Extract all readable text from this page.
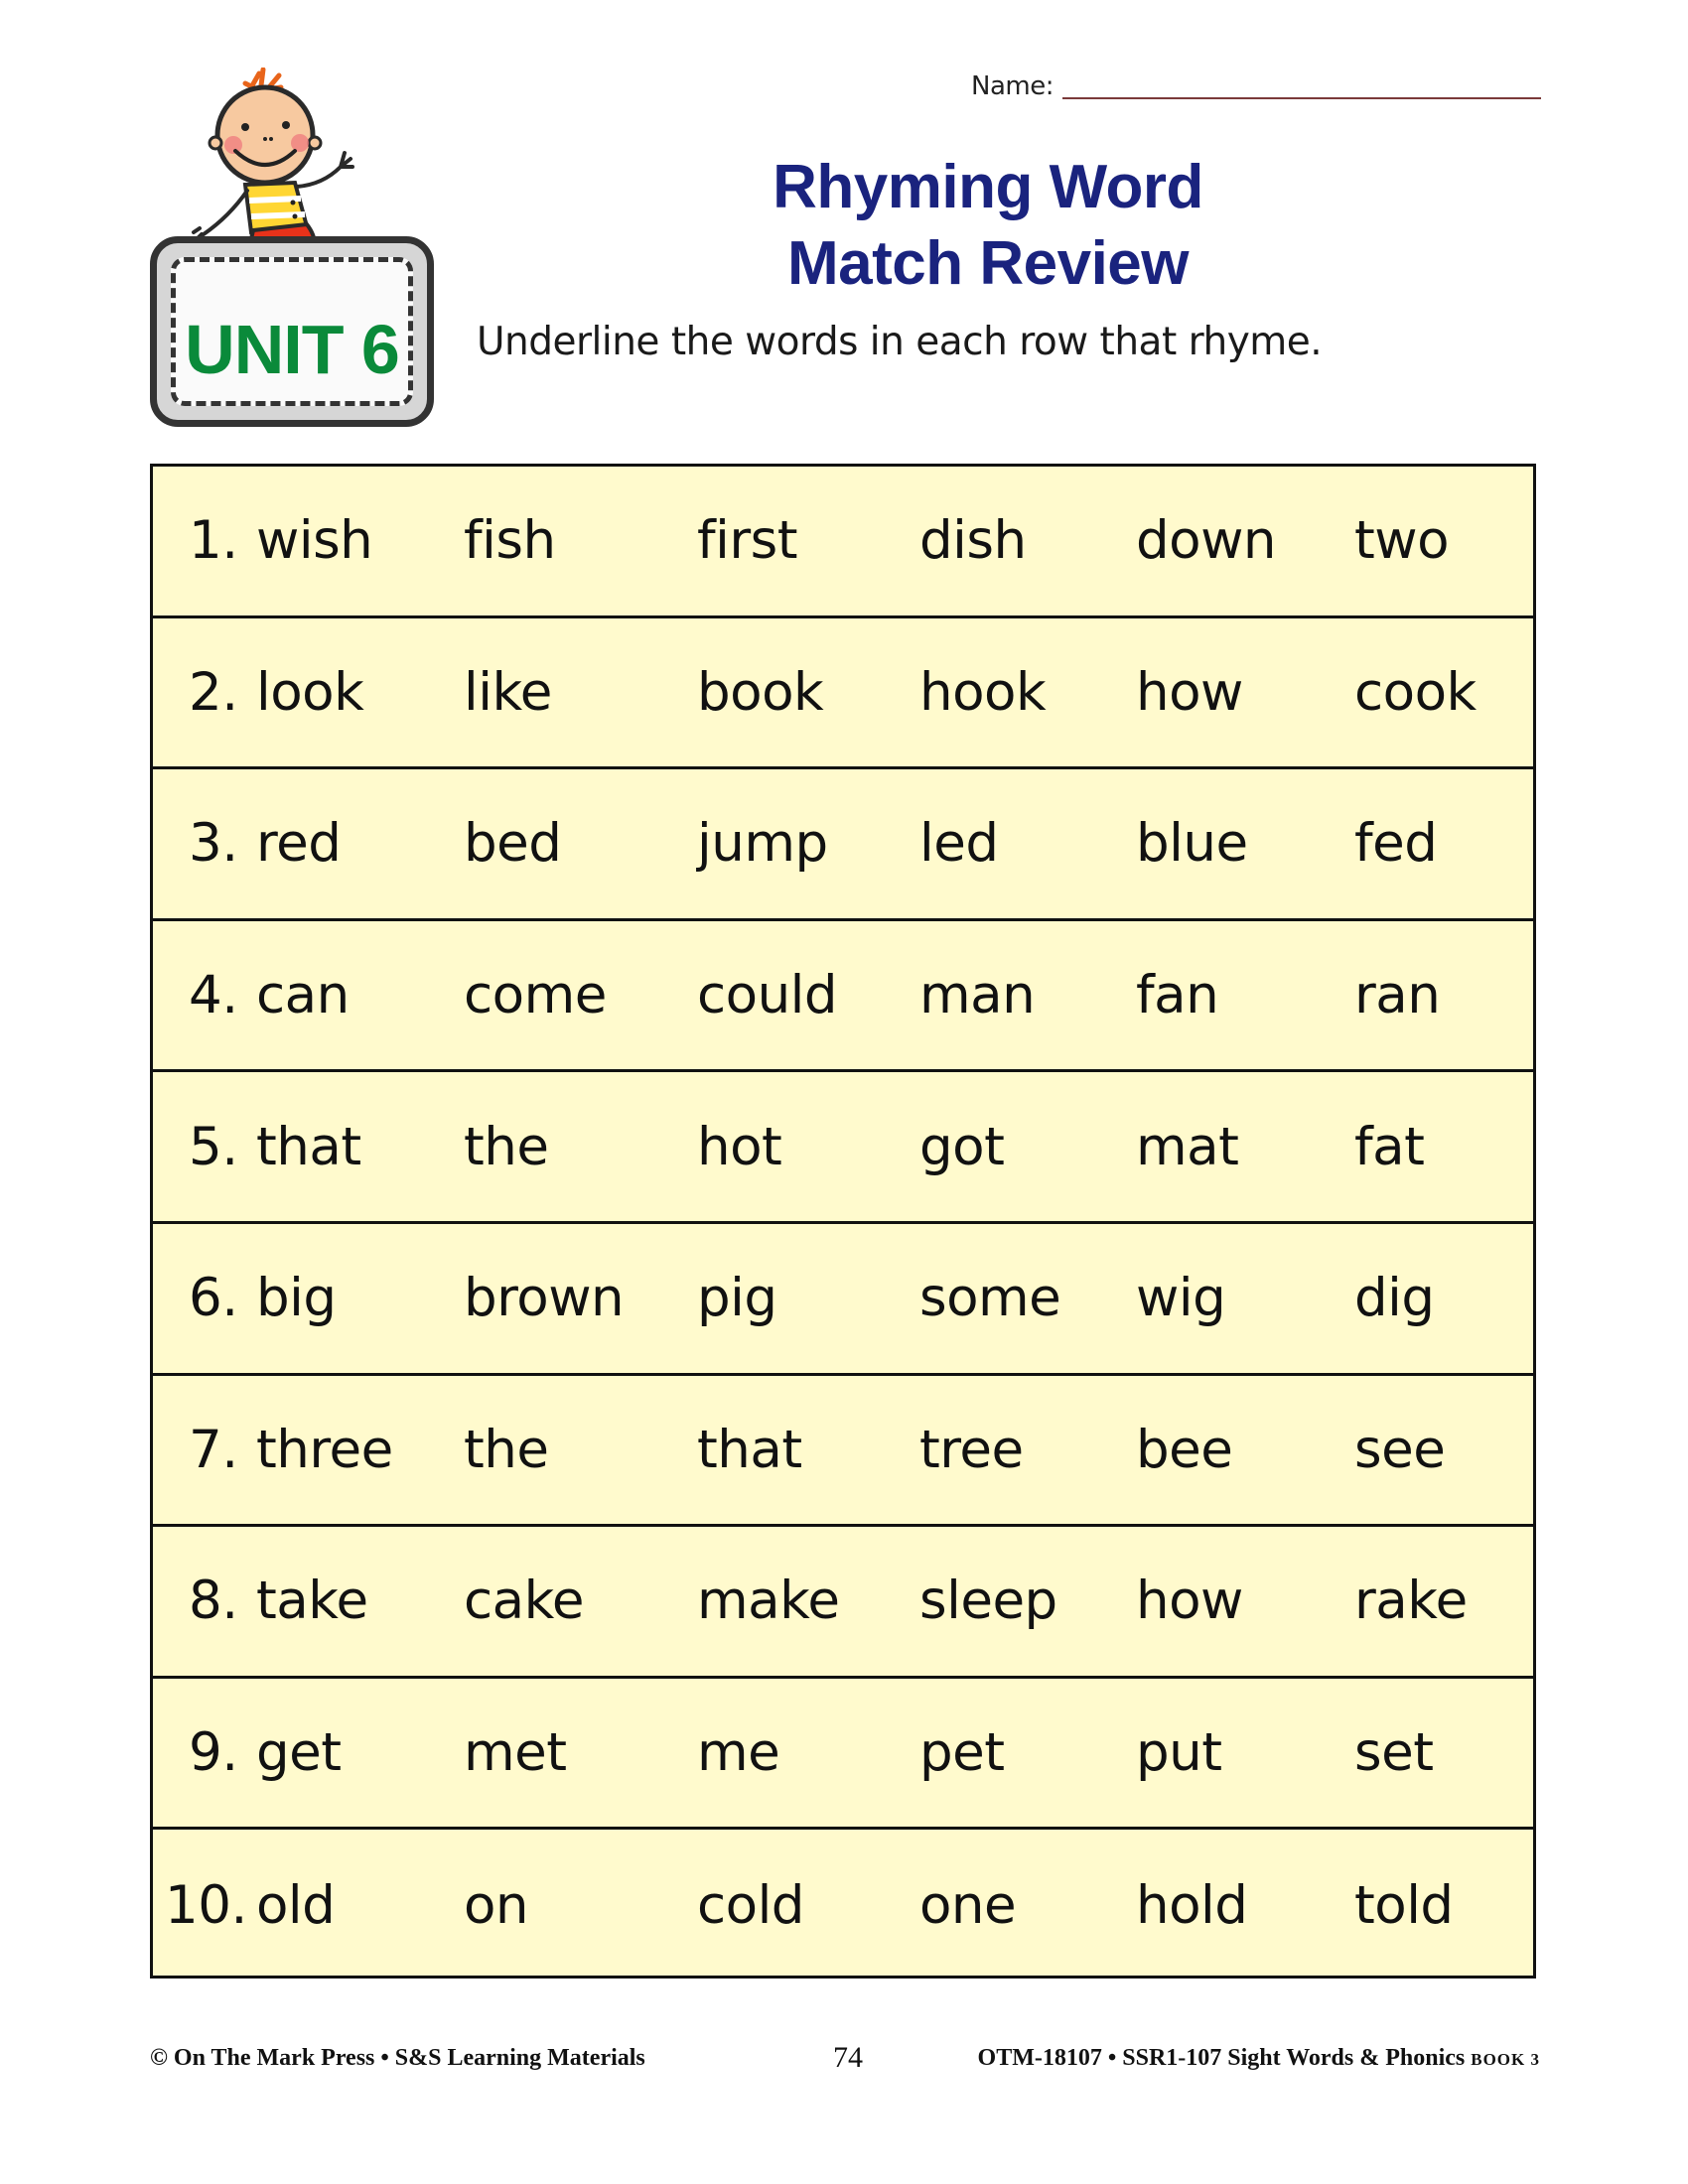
Name:
UNIT 6
Rhyming Word
Match Review
Underline the words in each row that rhyme.
1. wish fish	first dish down two
2. look like	book hook how cook
3. red bed	jump led	blue fed
4. can come could man fan	ran
5. that the	hot	got	mat fat
6. big brown pig	some wig dig
7. three the	that tree bee see
8. take cake make sleep how rake
9. get met me	pet put	set
10. old on	cold one hold told
© On The Mark Press • S&S Learning Materials	74	OTM-18107 • SSR1-107 Sight Words & Phonics BOOK 3
